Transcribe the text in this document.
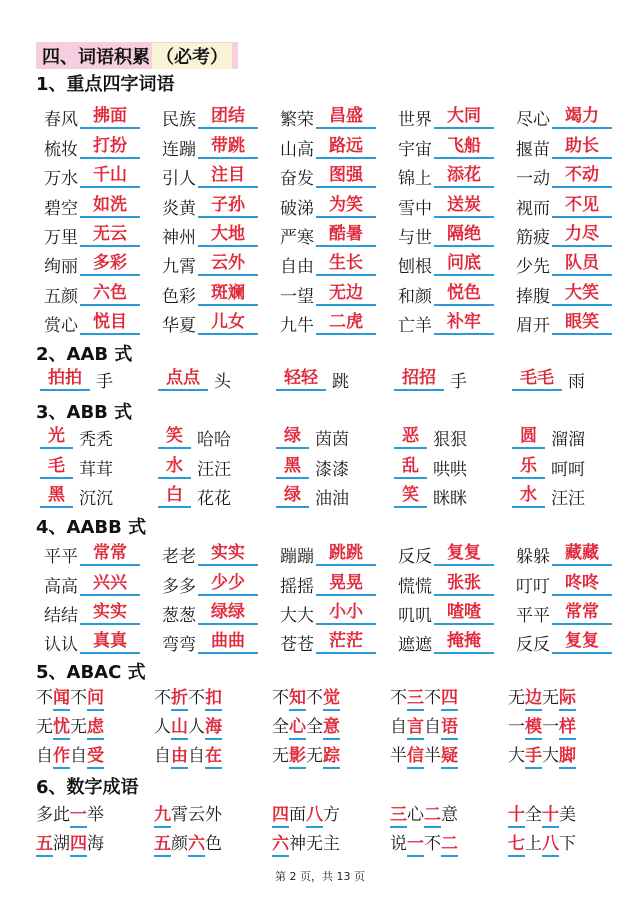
四、词语积累 （必考）
1、重点四字词语
春风 拂面	民族 团结	繁荣 昌盛	世界 大同	尽心 竭力
梳妆 打扮	连蹦 带跳	山高 路远	宇宙 飞船	揠苗 助长
万水 千山	引人 注目	奋发 图强	锦上 添花	一动 不动
碧空 如洗	炎黄 子孙	破涕 为笑	雪中 送炭	视而 不见
万里 无云	神州 大地	严寒 酷暑	与世 隔绝	筋疲 力尽
绚丽 多彩	九霄 云外	自由 生长	刨根 问底	少先 队员
五颜 六色	色彩 斑斓	一望 无边	和颜 悦色	捧腹 大笑
赏心 悦目	华夏 儿女	九牛 二虎	亡羊 补牢	眉开 眼笑
2、AAB 式
拍拍 手	点点 头	轻轻 跳	招招 手	毛毛 雨
3、ABB 式
光 秃秃	笑 哈哈	绿 茵茵	恶 狠狠	圆 溜溜
毛 茸茸	水 汪汪	黑 漆漆	乱 哄哄	乐 呵呵
黑 沉沉	白 花花	绿 油油	笑 眯眯	水 汪汪
4、AABB 式
平平 常常	老老 实实	蹦蹦 跳跳	反反 复复	躲躲 藏藏
高高 兴兴	多多 少少	摇摇 晃晃	慌慌 张张	叮叮 咚咚
结结 实实	葱葱 绿绿	大大 小小	叽叽 喳喳	平平 常常
认认 真真	弯弯 曲曲	苍苍 茫茫	遮遮 掩掩	反反 复复
5、ABAC 式
不 闻 不 问	不 折 不 扣	不 知 不 觉	不 三 不 四	无 边 无 际
无 忧 无 虑	人 山 人 海	全 心 全 意	自 言 自 语	一 模 一 样
自 作 自 受	自 由 自 在	无 影 无 踪	半 信 半 疑	大 手 大 脚
6、数字成语
多 此 一 举	九 霄 云 外	四 面 八 方	三 心 二 意	十 全 十 美
五 湖 四 海	五 颜 六 色	六 神 无 主	说 一 不 二	七 上 八 下
第 2 页，共 13 页
